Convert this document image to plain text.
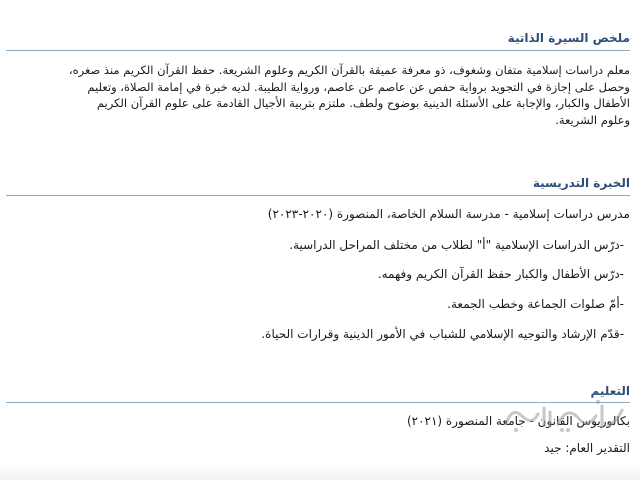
ملخص السيرة الذاتية
معلم دراسات إسلامية متفان وشغوف، ذو معرفة عميقة بالقرآن الكريم وعلوم الشريعة. حفظ القرآن الكريم منذ صغره،
وحصل على إجازة في التجويد برواية حفص عن عاصم عن عاصم، ورواية الطيبة. لديه خبرة في إمامة الصلاة، وتعليم
الأطفال والكبار، والإجابة على الأسئلة الدينية بوضوح ولطف. ملتزم بتربية الأجيال القادمة على علوم القرآن الكريم
وعلوم الشريعة.
الخبرة التدريسية

مدرس دراسات إسلامية - مدرسة السلام الخاصة، المنصورة (٢٠٢٠-٢٠٢٣)

-درّس الدراسات الإسلامية "أ" لطلاب من مختلف المراحل الدراسية.

-درّس الأطفال والكبار حفظ القرآن الكريم وفهمه.

-أمّ صلوات الجماعة وخطب الجمعة.

-قدّم الإرشاد والتوجيه الإسلامي للشباب في الأمور الدينية وقرارات الحياة.

التعليم

بكالوريوس القانون - جامعة المنصورة (٢٠٢١)

التقدير العام: جيد
